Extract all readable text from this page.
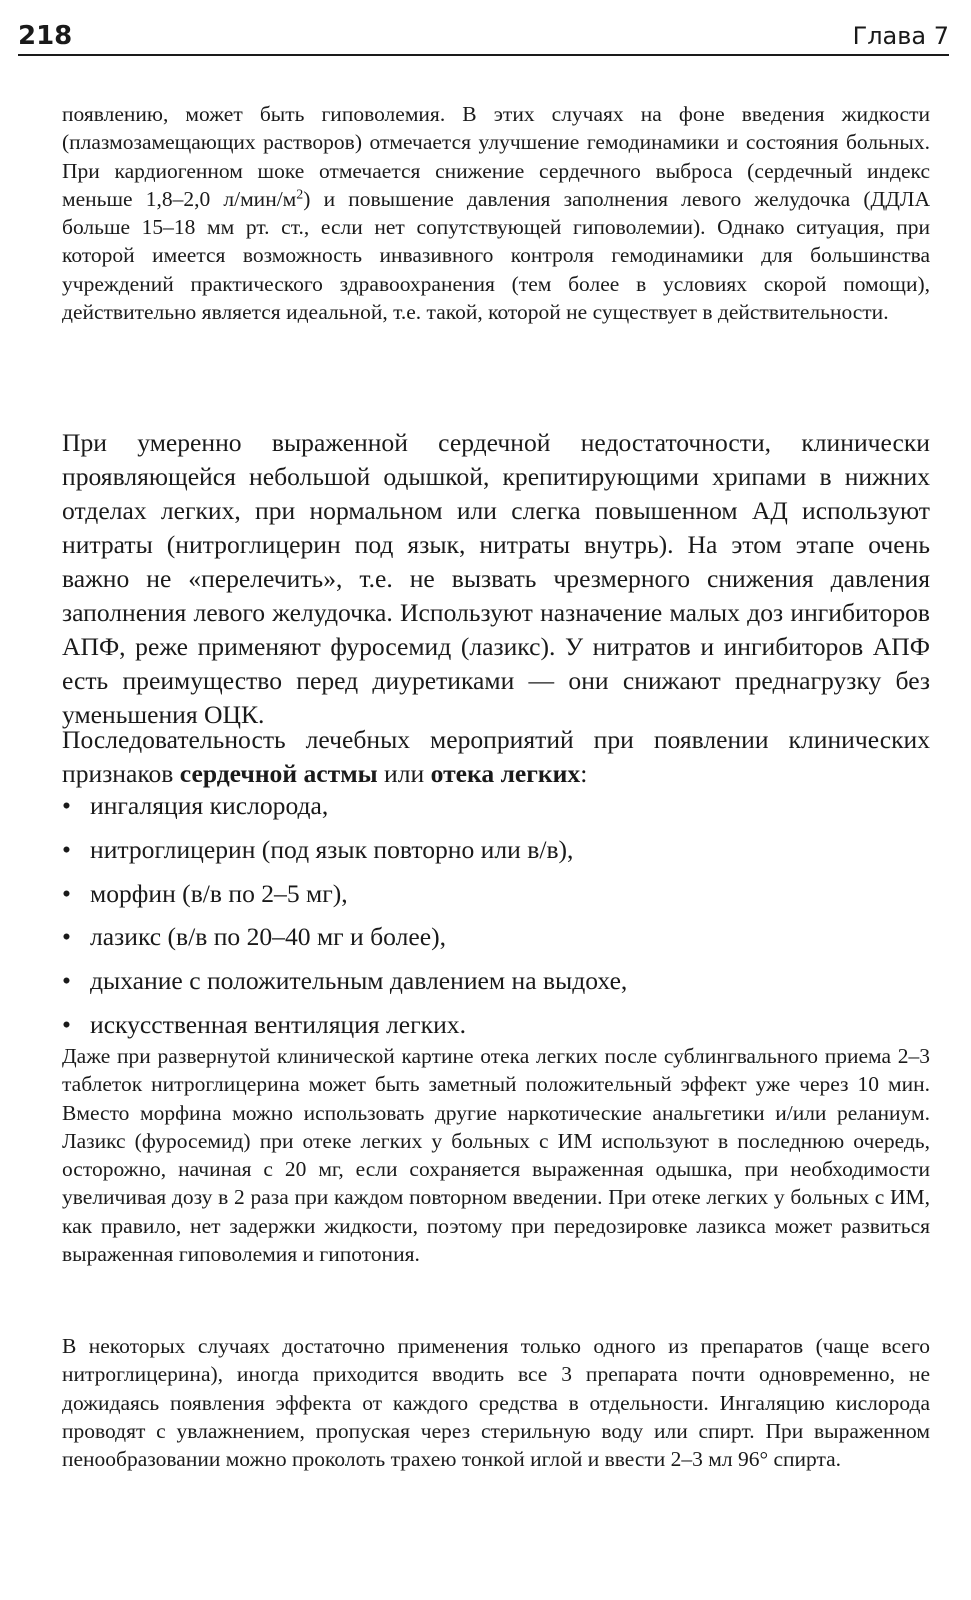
218	Глава 7

появлению, может быть гиповолемия. В этих случаях на фоне введения жидкости (плазмозамещающих растворов) отмечается улучшение гемодинамики и состояния больных. При кардиогенном шоке отмечается снижение сердечного выброса (сердечный индекс меньше 1,8–2,0 $л/мин/м^2$) и повышение давления заполнения левого желудочка (ДДЛА больше 15–18 мм рт. ст., если нет сопутствующей гиповолемии). Однако ситуация, при которой имеется возможность инвазивного контроля гемодинамики для большинства учреждений практического здравоохранения (тем более в условиях скорой помощи), действительно является идеальной, т.е. такой, которой не существует в действительности.

При умеренно выраженной сердечной недостаточности, клинически проявляющейся небольшой одышкой, крепитирующими хрипами в нижних отделах легких, при нормальном или слегка повышенном АД используют нитраты (нитроглицерин под язык, нитраты внутрь). На этом этапе очень важно не «перелечить», т.е. не вызвать чрезмерного снижения давления заполнения левого желудочка. Используют назначение малых доз ингибиторов АПФ, реже применяют фуросемид (лазикс). У нитратов и ингибиторов АПФ есть преимущество перед диуретиками — они снижают преднагрузку без уменьшения ОЦК.

Последовательность лечебных мероприятий при появлении клинических признаков сердечной астмы или отека легких:

• ингаляция кислорода,
• нитроглицерин (под язык повторно или в/в),
• морфин (в/в по 2–5 мг),
• лазикс (в/в по 20–40 мг и более),
• дыхание с положительным давлением на выдохе,
• искусственная вентиляция легких.

Даже при развернутой клинической картине отека легких после сублингвального приема 2–3 таблеток нитроглицерина может быть заметный положительный эффект уже через 10 мин. Вместо морфина можно использовать другие наркотические анальгетики и/или реланиум. Лазикс (фуросемид) при отеке легких у больных с ИМ используют в последнюю очередь, осторожно, начиная с 20 мг, если сохраняется выраженная одышка, при необходимости увеличивая дозу в 2 раза при каждом повторном введении. При отеке легких у больных с ИМ, как правило, нет задержки жидкости, поэтому при передозировке лазикса может развиться выраженная гиповолемия и гипотония.

В некоторых случаях достаточно применения только одного из препаратов (чаще всего нитроглицерина), иногда приходится вводить все 3 препарата почти одновременно, не дожидаясь появления эффекта от каждого средства в отдельности. Ингаляцию кислорода проводят с увлажнением, пропуская через стерильную воду или спирт. При выраженном пенообразовании можно проколоть трахею тонкой иглой и ввести 2–3 мл 96° спирта.
